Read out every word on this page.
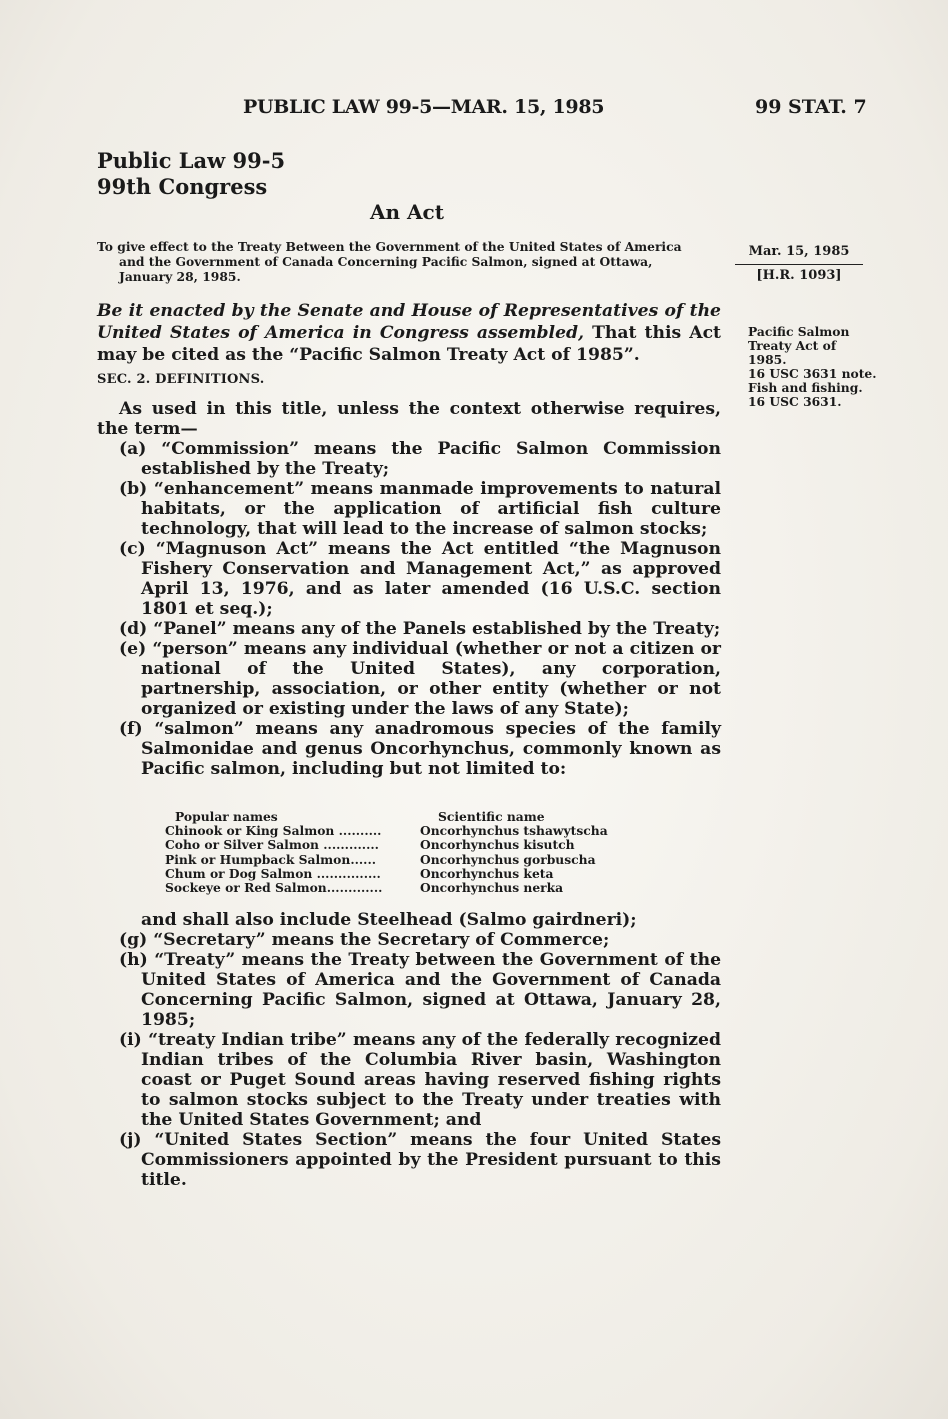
PUBLIC LAW 99-5—MAR. 15, 1985	99 STAT. 7
Public Law 99-5
99th Congress
An Act
To give effect to the Treaty Between the Government of the United States of America
and the Government of Canada Concerning Pacific Salmon, signed at Ottawa,
January 28, 1985.
Mar. 15, 1985
[H.R. 1093]
Be it enacted by the Senate and House of Representatives of the United States of America in Congress assembled, That this Act may be cited as the “Pacific Salmon Treaty Act of 1985”.

Pacific Salmon Treaty Act of 1985.

16 USC 3631 note.

Fish and fishing.

16 USC 3631.

SEC. 2. DEFINITIONS.

As used in this title, unless the context otherwise requires, the term—

(a) “Commission” means the Pacific Salmon Commission established by the Treaty;

(b) “enhancement” means manmade improvements to natural habitats, or the application of artificial fish culture technology, that will lead to the increase of salmon stocks;

(c) “Magnuson Act” means the Act entitled “the Magnuson Fishery Conservation and Management Act,” as approved April 13, 1976, and as later amended (16 U.S.C. section 1801 et seq.);

(d) “Panel” means any of the Panels established by the Treaty;

(e) “person” means any individual (whether or not a citizen or national of the United States), any corporation, partnership, association, or other entity (whether or not organized or existing under the laws of any State);

(f) “salmon” means any anadromous species of the family Salmonidae and genus Oncorhynchus, commonly known as Pacific salmon, including but not limited to:

Popular names	Scientific name
Chinook or King Salmon ..........	Oncorhynchus tshawytscha
Coho or Silver Salmon .............	Oncorhynchus kisutch
Pink or Humpback Salmon......	Oncorhynchus gorbuscha
Chum or Dog Salmon ...............	Oncorhynchus keta
Sockeye or Red Salmon.............	Oncorhynchus nerka

and shall also include Steelhead (Salmo gairdneri);

(g) “Secretary” means the Secretary of Commerce;

(h) “Treaty” means the Treaty between the Government of the United States of America and the Government of Canada Concerning Pacific Salmon, signed at Ottawa, January 28, 1985;

(i) “treaty Indian tribe” means any of the federally recognized Indian tribes of the Columbia River basin, Washington coast or Puget Sound areas having reserved fishing rights to salmon stocks subject to the Treaty under treaties with the United States Government; and

(j) “United States Section” means the four United States Commissioners appointed by the President pursuant to this title.
